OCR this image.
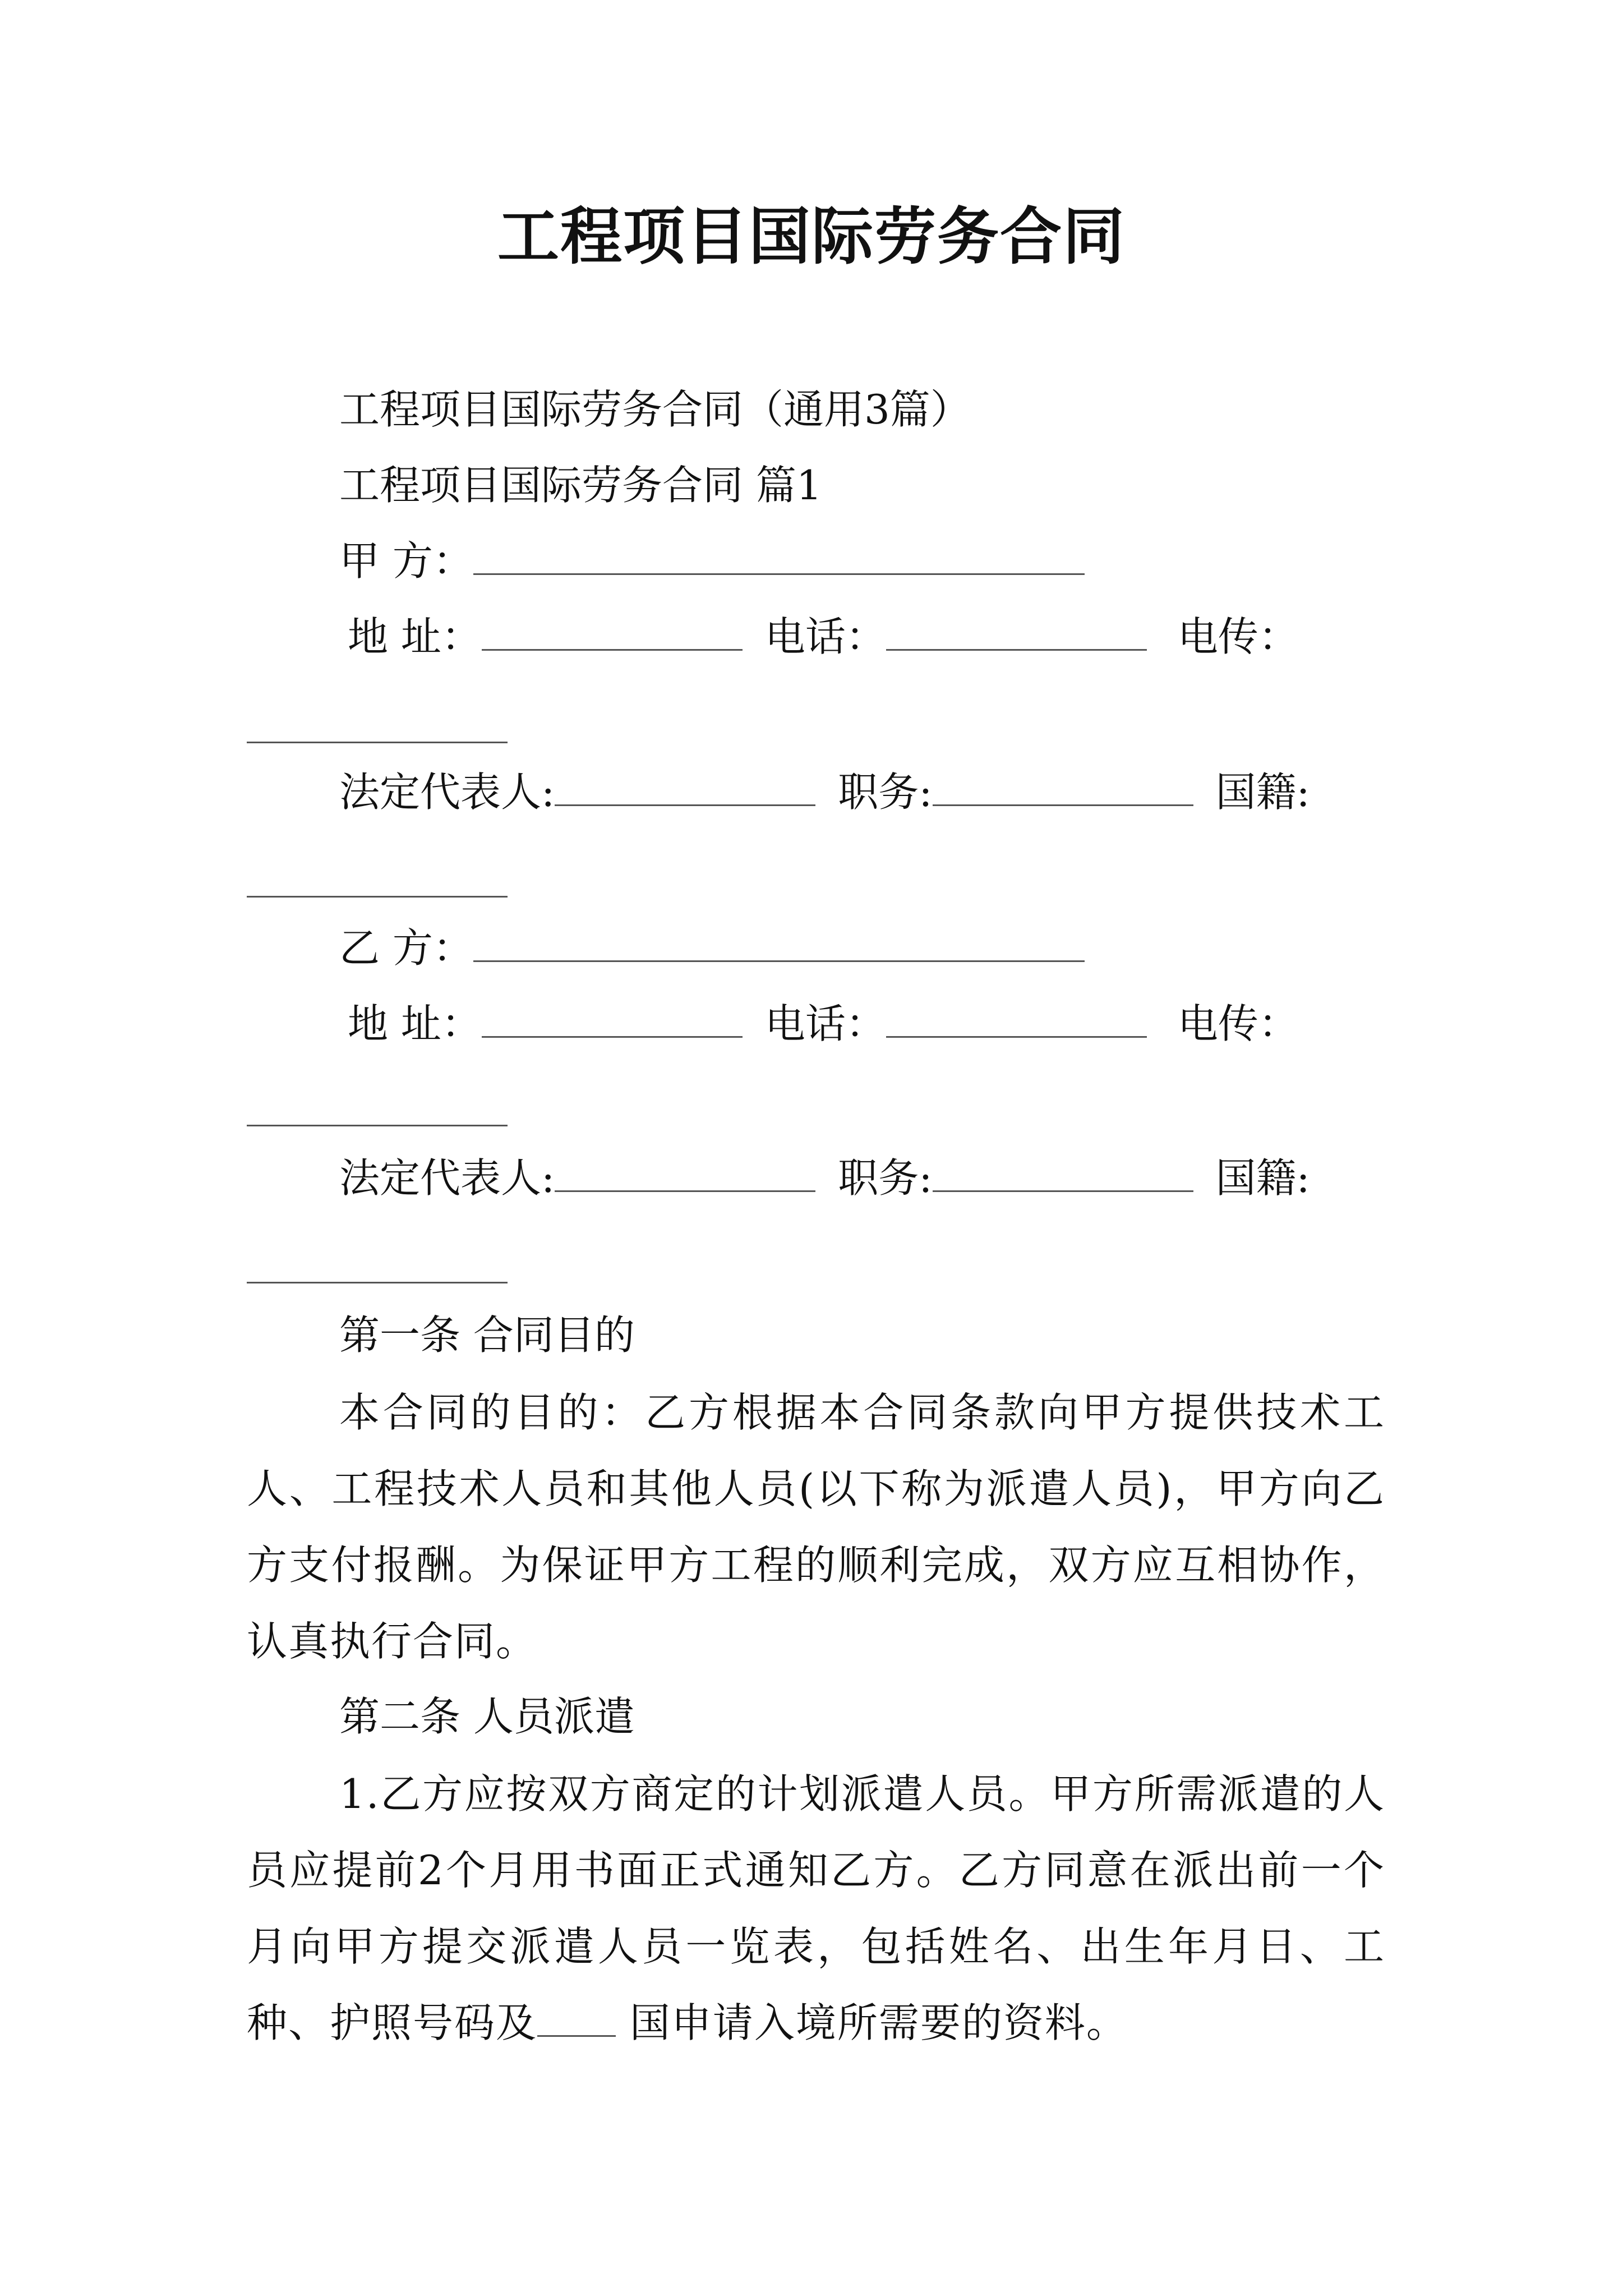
工程项目国际劳务合同
工程项目国际劳务合同（通用3篇）
工程项目国际劳务合同 篇1
甲 方：
地 址：	电话：	电传：
法定代表人:	职务:	国籍:
乙 方：
地 址：	电话：	电传：
法定代表人:	职务:	国籍:
第一条 合同目的
本合同的目的：乙方根据本合同条款向甲方提供技术工人、工程技术人员和其他人员(以下称为派遣人员)，甲方向乙方支付报酬。为保证甲方工程的顺利完成，双方应互相协作，认真执行合同。
第二条 人员派遣
1.乙方应按双方商定的计划派遣人员。甲方所需派遣的人员应提前2个月用书面正式通知乙方。乙方同意在派出前一个月向甲方提交派遣人员一览表，包括姓名、出生年月日、工种、护照号码及 国申请入境所需要的资料。
